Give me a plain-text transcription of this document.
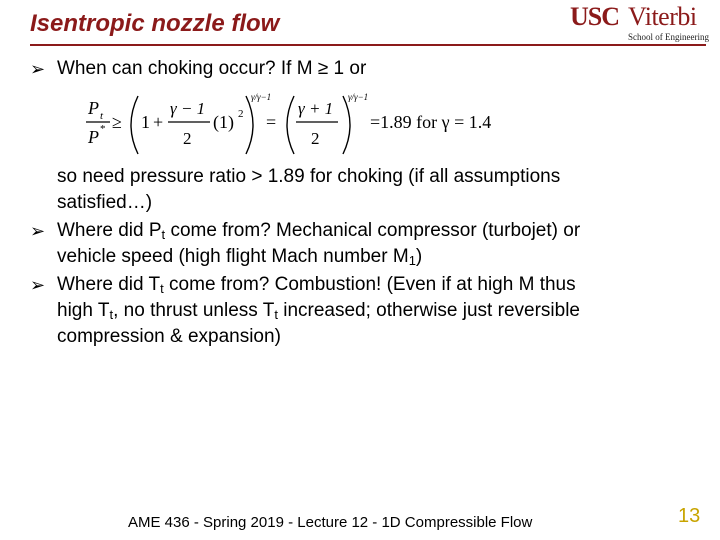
Isentropic nozzle flow	USC Viterbi
School of Engineering
➢ When can choking occur? If M ≥ 1 or
P t
P * ≥ 1 +
γ − 1
2
(1) 2
γ/γ−1
=
γ + 1
2
γ/γ−1
=1.89 for γ = 1.4
so need pressure ratio > 1.89 for choking (if all assumptions
satisfied…)
➢ Where did $P_t$ come from? Mechanical compressor (turbojet) or
vehicle speed (high flight Mach number $M_1$)
➢ Where did $T_t$ come from? Combustion! (Even if at high M thus
high $T_t$, no thrust unless $T_t$ increased; otherwise just reversible
compression & expansion)
AME 436 - Spring 2019 - Lecture 12 - 1D Compressible Flow	13
